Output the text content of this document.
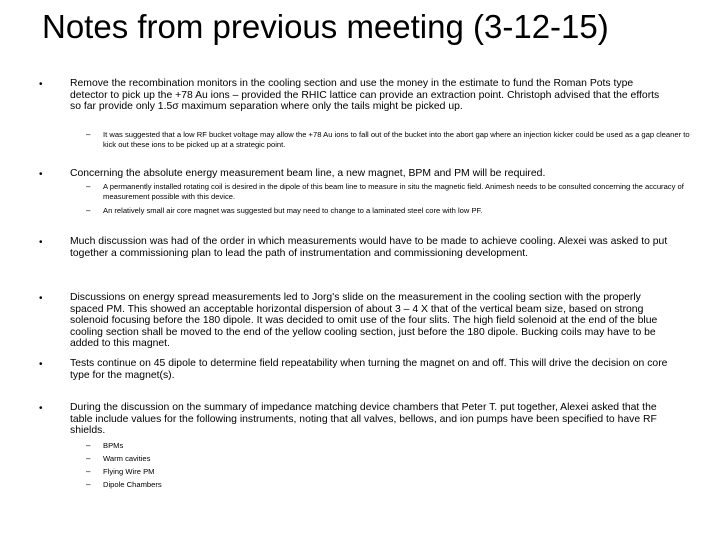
Notes from previous meeting (3-12-15)
•	Remove the recombination monitors in the cooling section and use the money in the estimate to fund the Roman Pots type detector to pick up the +78 Au ions – provided the RHIC lattice can provide an extraction point. Christoph advised that the efforts so far provide only 1.5σ maximum separation where only the tails might be picked up.
– It was suggested that a low RF bucket voltage may allow the +78 Au ions to fall out of the bucket into the abort gap where an injection kicker could be used as a gap cleaner to kick out these ions to be picked up at a strategic point.
•	Concerning the absolute energy measurement beam line, a new magnet, BPM and PM will be required.
– A permanently installed rotating coil is desired in the dipole of this beam line to measure in situ the magnetic field. Animesh needs to be consulted concerning the accuracy of measurement possible with this device.
– An relatively small air core magnet was suggested but may need to change to a laminated steel core with low PF.
•	Much discussion was had of the order in which measurements would have to be made to achieve cooling. Alexei was asked to put together a commissioning plan to lead the path of instrumentation and commissioning development.
•	Discussions on energy spread measurements led to Jorg's slide on the measurement in the cooling section with the properly spaced PM. This showed an acceptable horizontal dispersion of about 3 – 4 X that of the vertical beam size, based on strong solenoid focusing before the 180 dipole. It was decided to omit use of the four slits. The high field solenoid at the end of the blue cooling section shall be moved to the end of the yellow cooling section, just before the 180 dipole. Bucking coils may have to be added to this magnet.
•	Tests continue on 45 dipole to determine field repeatability when turning the magnet on and off. This will drive the decision on core type for the magnet(s).
•	During the discussion on the summary of impedance matching device chambers that Peter T. put together, Alexei asked that the table include values for the following instruments, noting that all valves, bellows, and ion pumps have been specified to have RF shields.
– BPMs
– Warm cavities
– Flying Wire PM
– Dipole Chambers
